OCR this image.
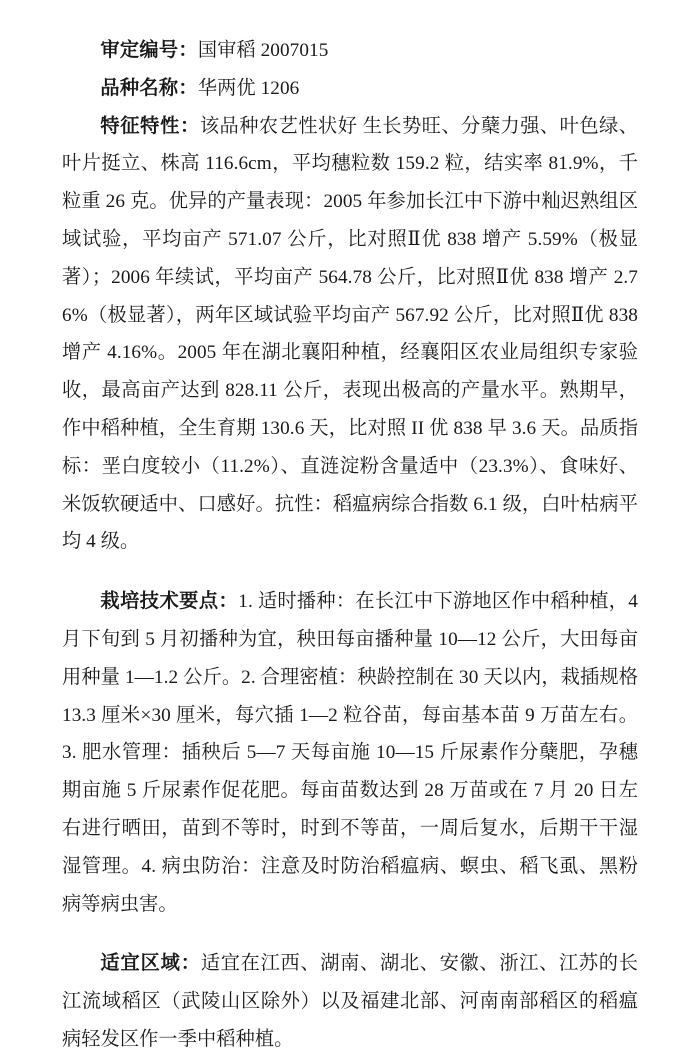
审定编号：国审稻 2007015

品种名称：华两优 1206

特征特性：该品种农艺性状好 生长势旺、分蘖力强、叶色绿、叶片挺立、株高 116.6cm，平均穗粒数 159.2 粒，结实率 81.9%，千粒重 26 克。优异的产量表现：2005 年参加长江中下游中籼迟熟组区域试验，平均亩产 571.07 公斤，比对照Ⅱ优 838 增产 5.59%（极显著）；2006 年续试，平均亩产 564.78 公斤，比对照Ⅱ优 838 增产 2.76%（极显著），两年区域试验平均亩产 567.92 公斤，比对照Ⅱ优 838 增产 4.16%。2005 年在湖北襄阳种植，经襄阳区农业局组织专家验收，最高亩产达到 828.11 公斤，表现出极高的产量水平。熟期早，作中稻种植，全生育期 130.6 天，比对照 II 优 838 早 3.6 天。品质指标：垩白度较小（11.2%）、直涟淀粉含量适中（23.3%）、食味好、米饭软硬适中、口感好。抗性：稻瘟病综合指数 6.1 级，白叶枯病平均 4 级。

栽培技术要点：1. 适时播种：在长江中下游地区作中稻种植，4 月下旬到 5 月初播种为宜，秧田每亩播种量 10—12 公斤，大田每亩用种量 1—1.2 公斤。2. 合理密植：秧龄控制在 30 天以内，栽插规格 13.3 厘米×30 厘米，每穴插 1—2 粒谷苗，每亩基本苗 9 万苗左右。3. 肥水管理：插秧后 5—7 天每亩施 10—15 斤尿素作分蘖肥，孕穗期亩施 5 斤尿素作促花肥。每亩苗数达到 28 万苗或在 7 月 20 日左右进行晒田，苗到不等时，时到不等苗，一周后复水，后期干干湿湿管理。4. 病虫防治：注意及时防治稻瘟病、螟虫、稻飞虱、黑粉病等病虫害。

适宜区域：适宜在江西、湖南、湖北、安徽、浙江、江苏的长江流域稻区（武陵山区除外）以及福建北部、河南南部稻区的稻瘟病轻发区作一季中稻种植。
